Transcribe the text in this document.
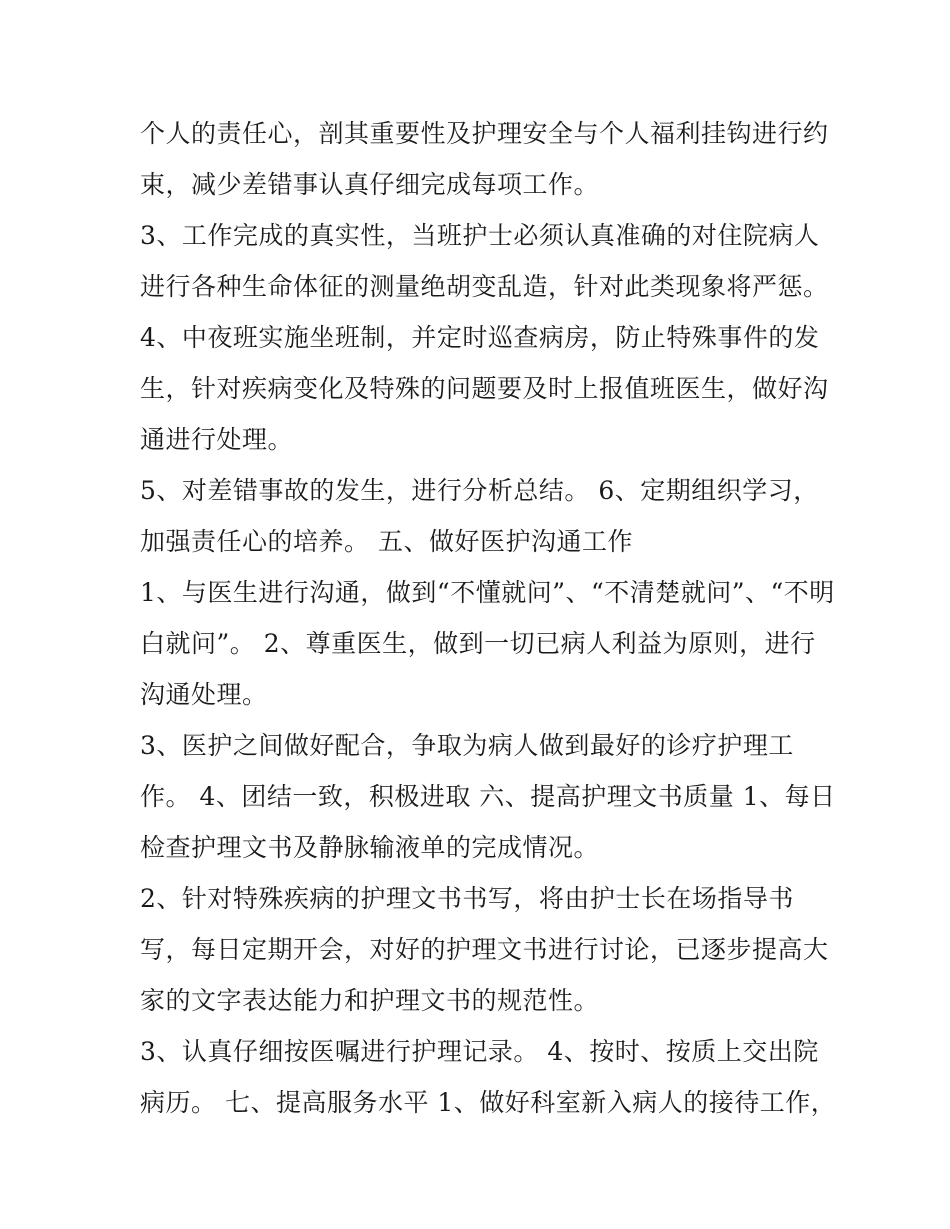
个人的责任心，剖其重要性及护理安全与个人福利挂钩进行约
束，减少差错事认真仔细完成每项工作。
3、工作完成的真实性，当班护士必须认真准确的对住院病人
进行各种生命体征的测量绝胡变乱造，针对此类现象将严惩。
4、中夜班实施坐班制，并定时巡查病房，防止特殊事件的发
生，针对疾病变化及特殊的问题要及时上报值班医生，做好沟
通进行处理。
5、对差错事故的发生，进行分析总结。 6、定期组织学习，
加强责任心的培养。 五、做好医护沟通工作
1、与医生进行沟通，做到“不懂就问”、“不清楚就问”、“不明
白就问”。 2、尊重医生，做到一切已病人利益为原则，进行
沟通处理。
3、医护之间做好配合，争取为病人做到最好的诊疗护理工
作。 4、团结一致，积极进取 六、提高护理文书质量 1、每日
检查护理文书及静脉输液单的完成情况。
2、针对特殊疾病的护理文书书写，将由护士长在场指导书
写，每日定期开会，对好的护理文书进行讨论，已逐步提高大
家的文字表达能力和护理文书的规范性。
3、认真仔细按医嘱进行护理记录。 4、按时、按质上交出院
病历。 七、提高服务水平 1、做好科室新入病人的接待工作，
